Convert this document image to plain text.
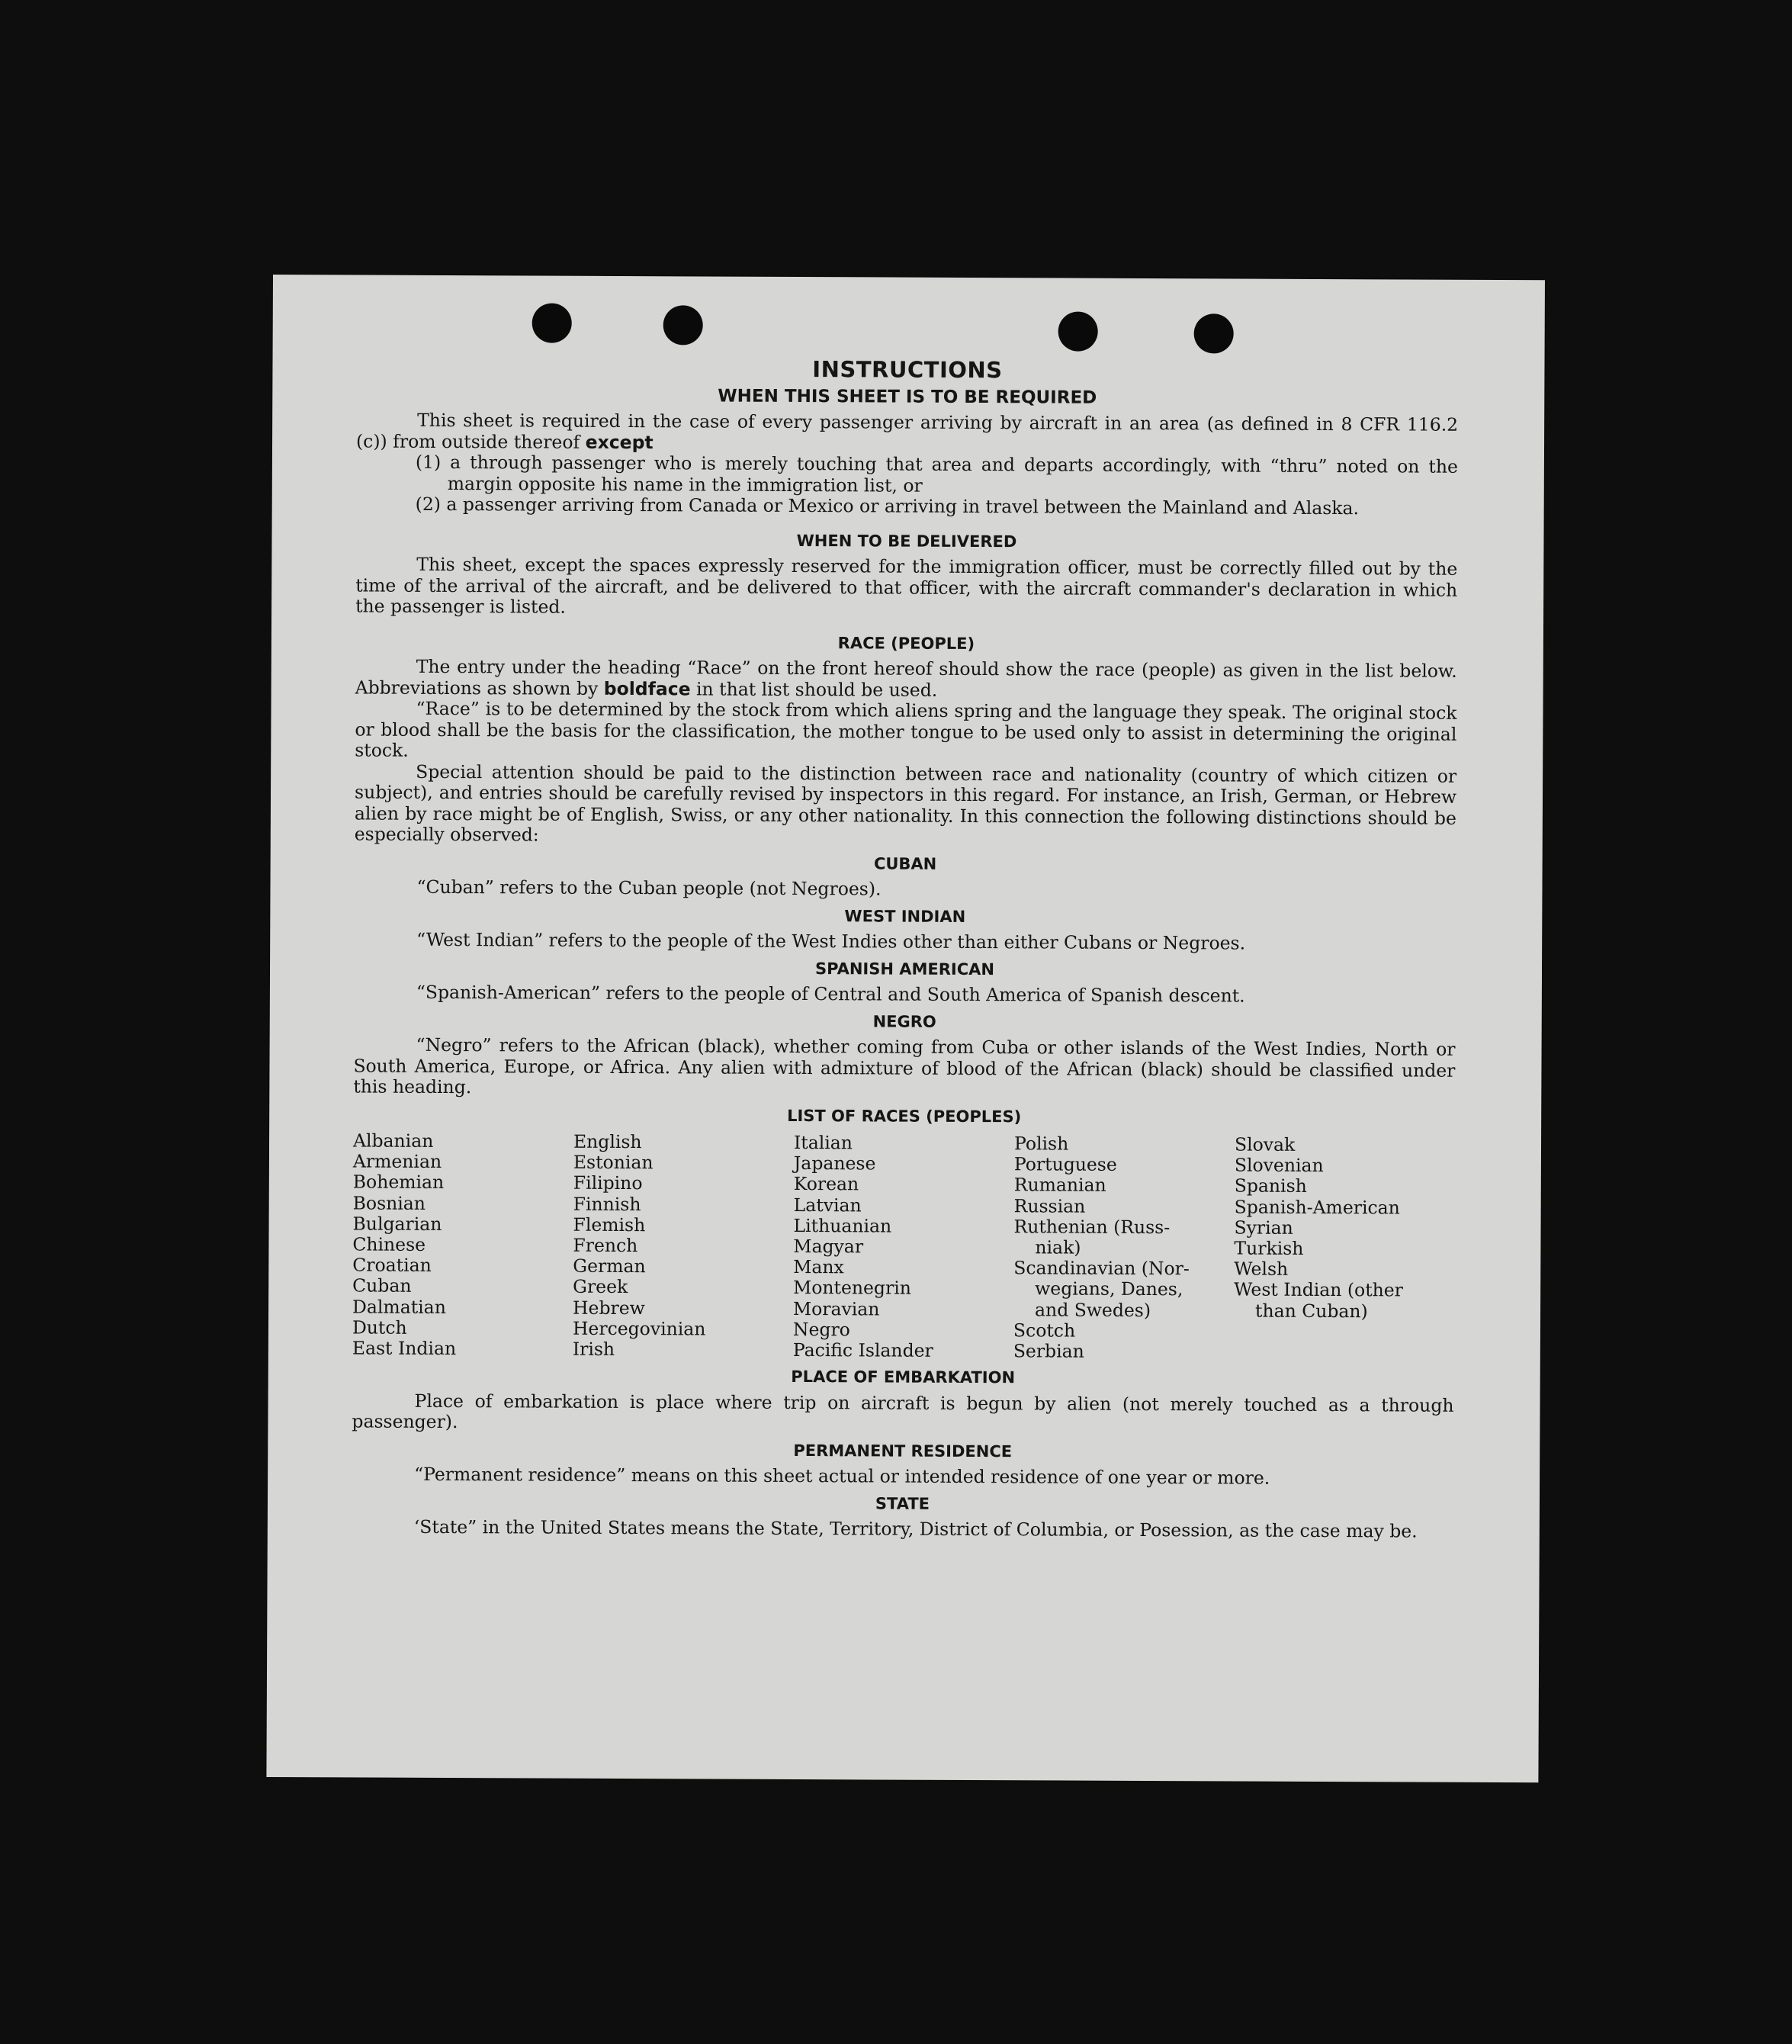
INSTRUCTIONS
WHEN THIS SHEET IS TO BE REQUIRED

This sheet is required in the case of every passenger arriving by aircraft in an area (as defined in 8 CFR 116.2 (c)) from outside thereof except

(1) a through passenger who is merely touching that area and departs accordingly, with “thru” noted on the margin opposite his name in the immigration list, or

(2) a passenger arriving from Canada or Mexico or arriving in travel between the Mainland and Alaska.

WHEN TO BE DELIVERED

This sheet, except the spaces expressly reserved for the immigration officer, must be correctly filled out by the time of the arrival of the aircraft, and be delivered to that officer, with the aircraft commander's declaration in which the passenger is listed.

RACE (PEOPLE)

The entry under the heading “Race” on the front hereof should show the race (people) as given in the list below. Abbreviations as shown by boldface in that list should be used.

“Race” is to be determined by the stock from which aliens spring and the language they speak. The original stock or blood shall be the basis for the classification, the mother tongue to be used only to assist in determining the original stock.

Special attention should be paid to the distinction between race and nationality (country of which citizen or subject), and entries should be carefully revised by inspectors in this regard. For instance, an Irish, German, or Hebrew alien by race might be of English, Swiss, or any other nationality. In this connection the following distinctions should be especially observed:

CUBAN

“Cuban” refers to the Cuban people (not Negroes).

WEST INDIAN

“West Indian” refers to the people of the West Indies other than either Cubans or Negroes.

SPANISH AMERICAN

“Spanish-American” refers to the people of Central and South America of Spanish descent.

NEGRO

“Negro” refers to the African (black), whether coming from Cuba or other islands of the West Indies, North or South America, Europe, or Africa. Any alien with admixture of blood of the African (black) should be classified under this heading.

LIST OF RACES (PEOPLES)
Albanian
Armenian
Bohemian
Bosnian
Bulgarian
Chinese
Croatian
Cuban
Dalmatian
Dutch
East Indian
English
Estonian
Filipino
Finnish
Flemish
French
German
Greek
Hebrew
Hercegovinian
Irish
Italian
Japanese
Korean
Latvian
Lithuanian
Magyar
Manx
Montenegrin
Moravian
Negro
Pacific Islander
Polish
Portuguese
Rumanian
Russian
Ruthenian (Russ-
niak)
Scandinavian (Nor-
wegians, Danes,
and Swedes)
Scotch
Serbian
Slovak
Slovenian
Spanish
Spanish-American
Syrian
Turkish
Welsh
West Indian (other
than Cuban)
PLACE OF EMBARKATION

Place of embarkation is place where trip on aircraft is begun by alien (not merely touched as a through passenger).

PERMANENT RESIDENCE

“Permanent residence” means on this sheet actual or intended residence of one year or more.

STATE

‘State” in the United States means the State, Territory, District of Columbia, or Posession, as the case may be.
